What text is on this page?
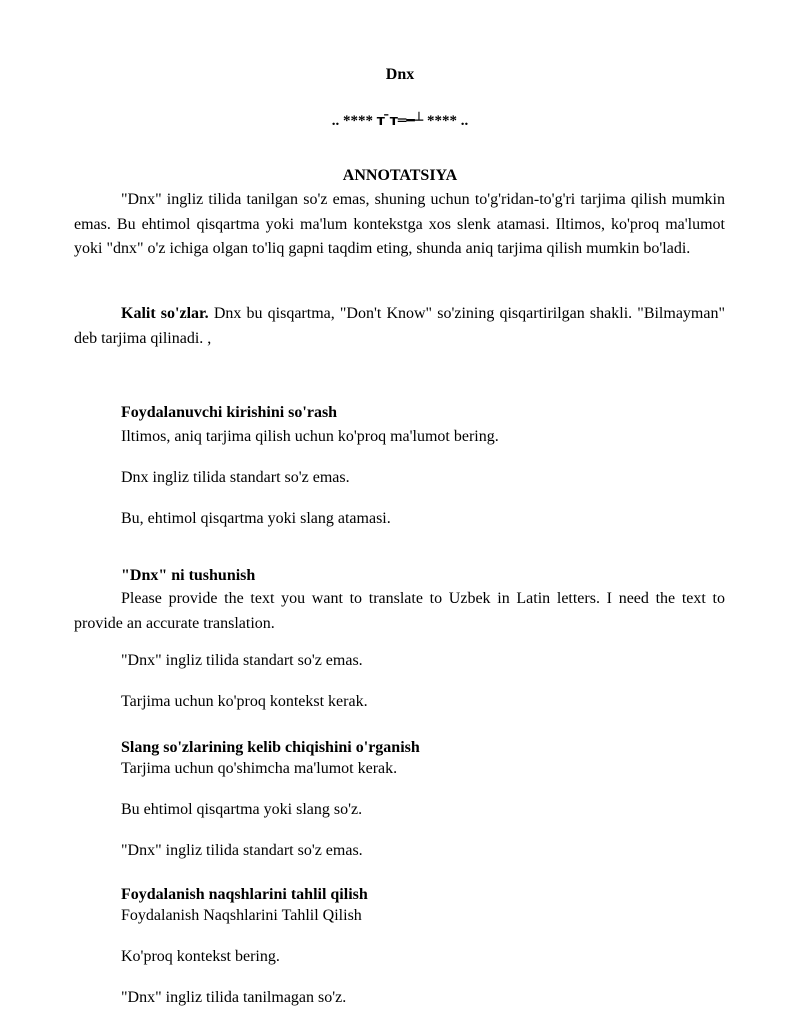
Dnx
.. **** ᴛ ̄ᴛ═━┴ **** ..
ANNOTATSIYA

"Dnx" ingliz tilida tanilgan so'z emas, shuning uchun to'g'ridan-to'g'ri tarjima qilish mumkin emas. Bu ehtimol qisqartma yoki ma'lum kontekstga xos slenk atamasi. Iltimos, ko'proq ma'lumot yoki "dnx" o'z ichiga olgan to'liq gapni taqdim eting, shunda aniq tarjima qilish mumkin bo'ladi.

Kalit so'zlar. Dnx bu qisqartma, "Don't Know" so'zining qisqartirilgan shakli. "Bilmayman" deb tarjima qilinadi. ,

Foydalanuvchi kirishini so'rash
Iltimos, aniq tarjima qilish uchun ko'proq ma'lumot bering.
Dnx ingliz tilida standart so'z emas.
Bu, ehtimol qisqartma yoki slang atamasi.
"Dnx" ni tushunish

Please provide the text you want to translate to Uzbek in Latin letters. I need the text to provide an accurate translation.

"Dnx" ingliz tilida standart so'z emas.
Tarjima uchun ko'proq kontekst kerak.
Slang so'zlarining kelib chiqishini o'rganish
Tarjima uchun qo'shimcha ma'lumot kerak.
Bu ehtimol qisqartma yoki slang so'z.
"Dnx" ingliz tilida standart so'z emas.
Foydalanish naqshlarini tahlil qilish
Foydalanish Naqshlarini Tahlil Qilish
Ko'proq kontekst bering.
"Dnx" ingliz tilida tanilmagan so'z.
